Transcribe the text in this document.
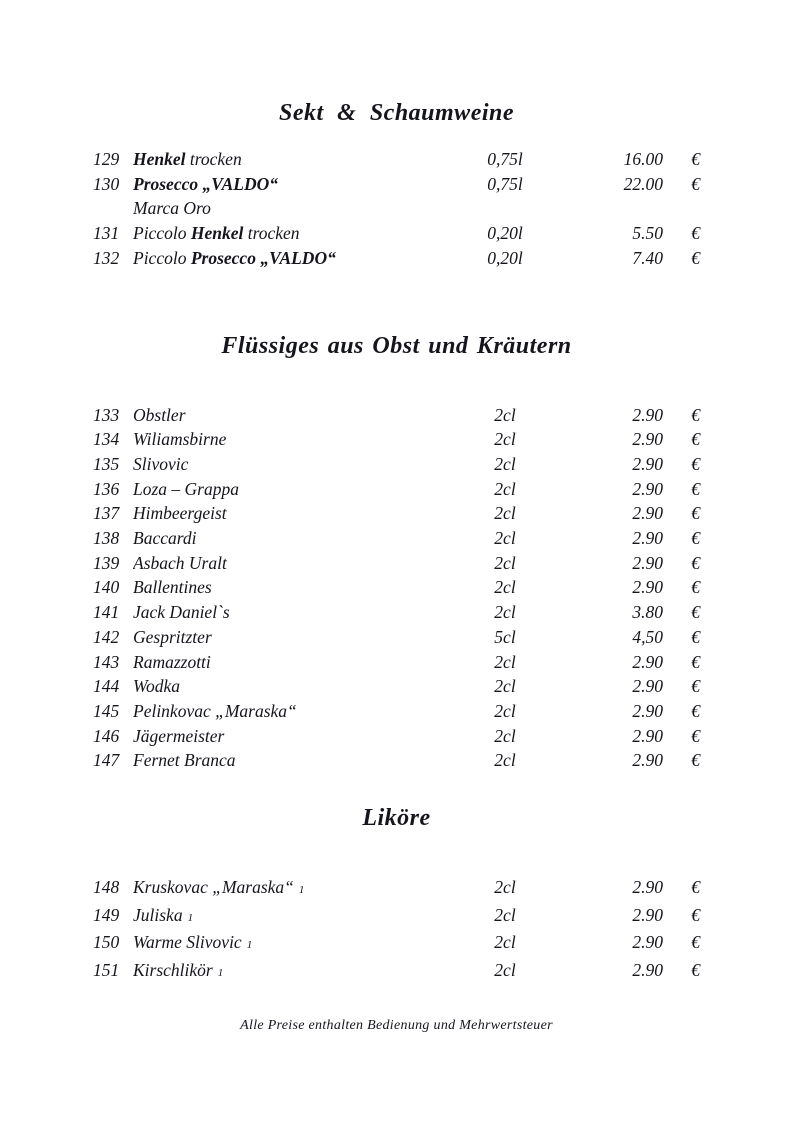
Sekt & Schaumweine
129 Henkel trocken	0,75l	16.00	€
130 Prosecco „VALDO“	0,75l	22.00	€
Marca Oro
131 Piccolo Henkel trocken	0,20l	5.50	€
132 Piccolo Prosecco „VALDO“	0,20l	7.40	€
Flüssiges aus Obst und Kräutern
133 Obstler	2cl	2.90	€
134 Wiliamsbirne	2cl	2.90	€
135 Slivovic	2cl	2.90	€
136 Loza – Grappa	2cl	2.90	€
137 Himbeergeist	2cl	2.90	€
138 Baccardi	2cl	2.90	€
139 Asbach Uralt	2cl	2.90	€
140 Ballentines	2cl	2.90	€
141 Jack Daniel`s	2cl	3.80	€
142 Gespritzter	5cl	4,50	€
143 Ramazzotti	2cl	2.90	€
144 Wodka	2cl	2.90	€
145 Pelinkovac „Maraska“	2cl	2.90	€
146 Jägermeister	2cl	2.90	€
147 Fernet Branca	2cl	2.90	€
Liköre
148 Kruskovac „Maraska“ 1	2cl	2.90	€
149 Juliska 1	2cl	2.90	€
150 Warme Slivovic 1	2cl	2.90	€
151 Kirschlikör 1	2cl	2.90	€
Alle Preise enthalten Bedienung und Mehrwertsteuer
